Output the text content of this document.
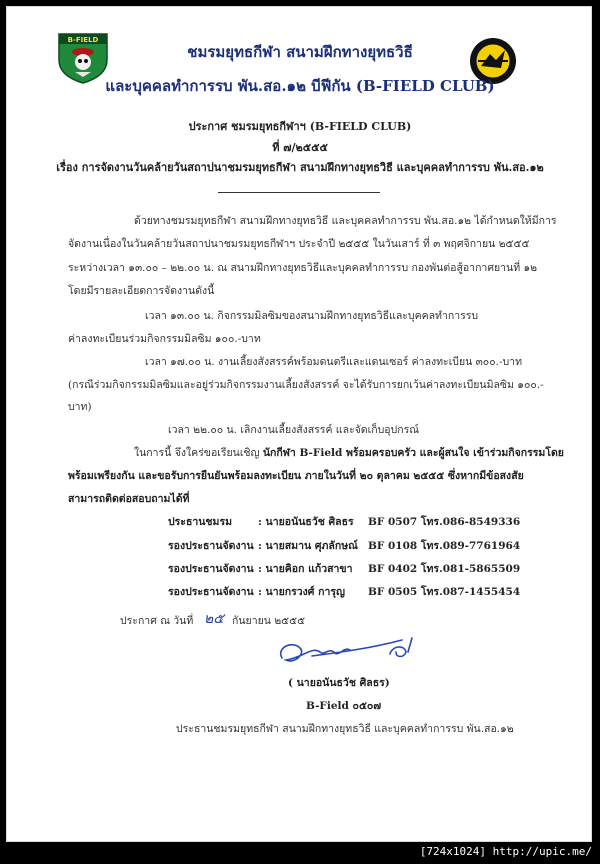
B-FIELD
ชมรมยุทธกีฬา สนามฝึกทางยุทธวิธี
และบุคคลทำการรบ พัน.สอ.๑๒ บีฟีกัน (B-FIELD CLUB)
ประกาศ ชมรมยุทธกีฬาฯ (B-FIELD CLUB)
ที่ ๗/๒๕๕๕
เรื่อง การจัดงานวันคล้ายวันสถาปนาชมรมยุทธกีฬา สนามฝึกทางยุทธวิธี และบุคคลทำการรบ พัน.สอ.๑๒
ด้วยทางชมรมยุทธกีฬา สนามฝึกทางยุทธวิธี และบุคคลทำการรบ พัน.สอ.๑๒ ได้กำหนดให้มีการ
จัดงานเนื่องในวันคล้ายวันสถาปนาชมรมยุทธกีฬาฯ ประจำปี ๒๕๕๕ ในวันเสาร์ ที่ ๓ พฤศจิกายน ๒๕๕๕
ระหว่างเวลา ๑๓.๐๐ – ๒๒.๐๐ น. ณ สนามฝึกทางยุทธวิธีและบุคคลทำการรบ กองพันต่อสู้อากาศยานที่ ๑๒
โดยมีรายละเอียดการจัดงานดังนี้
เวลา ๑๓.๐๐ น. กิจกรรมมิลซิมของสนามฝึกทางยุทธวิธีและบุคคลทำการรบ
ค่าลงทะเบียนร่วมกิจกรรมมิลซิม ๑๐๐.-บาท
เวลา ๑๗.๐๐ น. งานเลี้ยงสังสรรค์พร้อมดนตรีและแดนเซอร์ ค่าลงทะเบียน ๓๐๐.-บาท
(กรณีร่วมกิจกรรมมิลซิมและอยู่ร่วมกิจกรรมงานเลี้ยงสังสรรค์ จะได้รับการยกเว้นค่าลงทะเบียนมิลซิม ๑๐๐.-
บาท)
เวลา ๒๒.๐๐ น. เลิกงานเลี้ยงสังสรรค์ และจัดเก็บอุปกรณ์
ในการนี้ จึงใคร่ขอเรียนเชิญ นักกีฬา B-Field พร้อมครอบครัว และผู้สนใจ เข้าร่วมกิจกรรมโดย
พร้อมเพรียงกัน และขอรับการยืนยันพร้อมลงทะเบียน ภายในวันที่ ๒๐ ตุลาคม ๒๕๕๕ ซึ่งหากมีข้อสงสัย
สามารถติดต่อสอบถามได้ที่
ประธานชมรม : นายอนันธวัช ศิลธร BF 0507 โทร.086-8549336
รองประธานจัดงาน : นายสมาน ศุภลักษณ์ BF 0108 โทร.089-7761964
รองประธานจัดงาน : นายคิอก แก้วสาขา BF 0402 โทร.081-5865509
รองประธานจัดงาน : นายกรวงศ์ การุญ BF 0505 โทร.087-1455454
ประกาศ ณ วันที่ ๒๕ กันยายน ๒๕๕๕
( นายอนันธวัช ศิลธร)
B-Field ๐๕๐๗
ประธานชมรมยุทธกีฬา สนามฝึกทางยุทธวิธี และบุคคลทำการรบ พัน.สอ.๑๒
[724x1024] http://upic.me/
